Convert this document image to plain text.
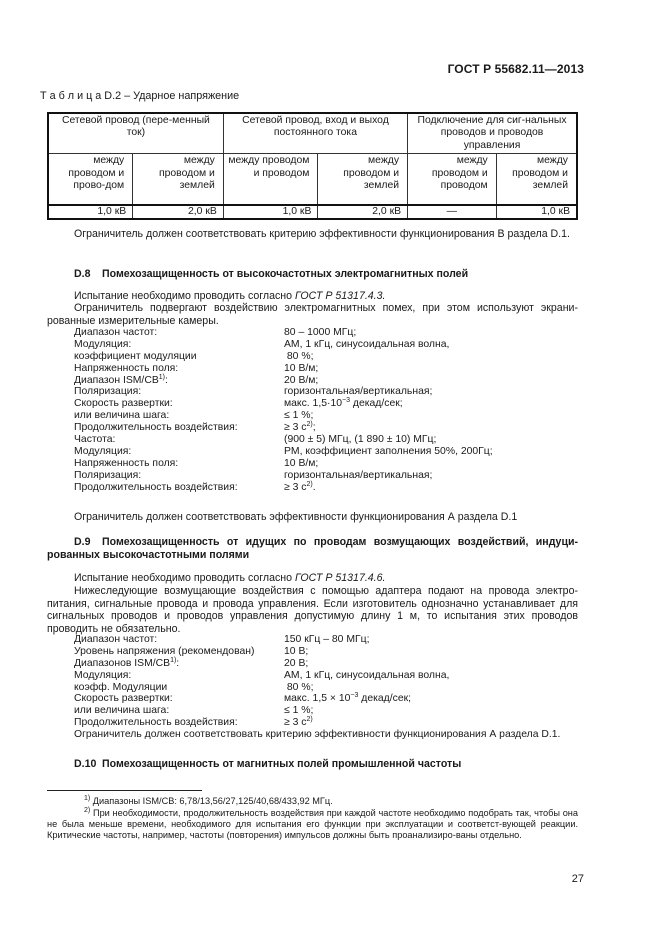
ГОСТ Р 55682.11—2013
Т а б л и ц а D.2 – Ударное напряжение
Сетевой провод (пере-менный ток)		Сетевой провод, вход и выход постоянного тока		Подключение для сиг-нальных проводов и проводов управления	
между проводом и прово-дом	между проводом и землей	между проводом и проводом	между проводом и землей	между проводом и проводом	между проводом и землей
1,0 кВ	2,0 кВ	1,0 кВ	2,0 кВ	—	1,0 кВ
Ограничитель должен соответствовать критерию эффективности функционирования В раздела D.1.
D.8 Помехозащищенность от высокочастотных электромагнитных полей
Испытание необходимо проводить согласно ГОСТ Р 51317.4.3.
Ограничитель подвергают воздействию электромагнитных помех, при этом используют экрани-рованные измерительные камеры.
Диапазон частот:	80 – 1000 МГц;
Модуляция:	АМ, 1 кГц, синусоидальная волна,
коэффициент модуляции	80 %;
Напряженность поля:	10 В/м;
Диапазон ISM/CB$^{1)}$:	20 В/м;
Поляризация:	горизонтальная/вертикальная;
Скорость развертки:	макс. $1,5\cdot 10^{-3}$ декад/сек;
или величина шага:	≤ 1 %;
Продолжительность воздействия:	≥ 3 $с^{2)}$;
Частота:	(900 ± 5) МГц, (1 890 ± 10) МГц;
Модуляция:	PM, коэффициент заполнения 50%, 200Гц;
Напряженность поля:	10 В/м;
Поляризация:	горизонтальная/вертикальная;
Продолжительность воздействия:	≥ 3 $с^{2)}$.
Ограничитель должен соответствовать эффективности функционирования А раздела D.1
D.9 Помехозащищенность от идущих по проводам возмущающих воздействий, индуци-рованных высокочастотными полями
Испытание необходимо проводить согласно ГОСТ Р 51317.4.6.
Нижеследующие возмущающие воздействия с помощью адаптера подают на провода электро-питания, сигнальные провода и провода управления. Если изготовитель однозначно устанавливает для сигнальных проводов и проводов управления допустимую длину 1 м, то испытания этих проводов проводить не обязательно.
Диапазон частот:	150 кГц – 80 МГц;
Уровень напряжения (рекомендован)	10 В;
Диапазонов ISM/CB$^{1)}$:	20 В;
Модуляция:	АМ, 1 кГц, синусоидальная волна,
коэфф. Модуляции	80 %;
Скорость развертки:	макс. $1,5 \times 10^{-3}$ декад/сек;
или величина шага:	≤ 1 %;
Продолжительность воздействия:	≥ 3 $с^{2)}$
Ограничитель должен соответствовать критерию эффективности функционирования А раздела D.1.
D.10 Помехозащищенность от магнитных полей промышленной частоты
$^{1)}$ Диапазоны ISM/CB: 6,78/13,56/27,125/40,68/433,92 МГц.
$^{2)}$ При необходимости, продолжительность воздействия при каждой частоте необходимо подобрать так, чтобы она не была меньше времени, необходимого для испытания его функции при эксплуатации и соответст-вующей реакции. Критические частоты, например, частоты (повторения) импульсов должны быть проанализиро-ваны отдельно.
27
